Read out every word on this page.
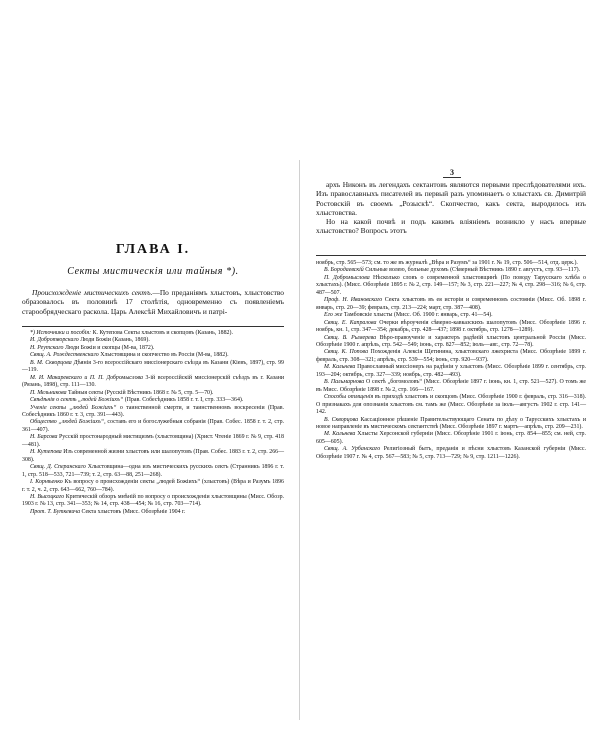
ГЛАВА I.
Секты мистическія или тайныя *).
Происхожденіе мистическихъ сектъ.—По преданіямъ хлыстовъ, хлыстовство образовалось въ половинѣ 17 столѣтія, одновременно съ появленіемъ старообрядческаго раскола. Царь Алексѣй Михайловичъ и патрі-

*) Источники и пособія: К. Кутепова Секты хлыстовъ и скопцовъ (Казань, 1882).

И. Добротворскаго Люди Божіи (Казань, 1869).

Н. Реутскаго Люди Божіи и скопцы (М-ва, 1872).

Свящ. А. Рождественскаго Хлыстовщина и скопчество въ Россіи (М-ва, 1882).

В. М. Скворцова Дѣянія 3-го всероссійскаго миссіонерскаго съѣзда въ Казани (Кіевъ, 1897), стр. 99—119.

М. И. Макаревскаго и П. П. Добромыслова 3-ій всероссійскій миссіонерскій съѣздъ въ г. Казани (Рязань, 1898), стр. 111—130.

П. Мельникова Тайныя секты (Русскій Вѣстникъ 1868 г. № 5, стр. 5—70).

Свѣдѣнія о сектѣ „людей Божіихъ“ (Прав. Собесѣдникъ 1858 г. т. I, стр. 333—364).

Ученіе секты „людей Божіихъ“ о таинственной смерти, и таинственномъ воскресеніи (Прав. Собесѣдникъ 1860 г. т. 3, стр. 391—443).

Общество „людей Божіихъ“, составъ его и богослужебныя собранія (Прав. Собес. 1858 г. т. 2, стр. 361—407).

Н. Барсова Русскій простонародный мистицизмъ (хлыстовщина) (Христ. Чтеніе 1869 г. № 9, стр. 418—481).

Н. Кутепова Изъ современной жизни хлыстовъ или шалопутовъ (Прав. Собес. 1883 г. т. 2, стр. 266—308).

Свящ. Д. Сперанскаго Хлыстовщина—одна изъ мистическихъ русскихъ сектъ (Странникъ 1896 г. т. 1, стр. 518—533, 721—739; т. 2, стр. 63—88, 251—268).

І. Корнѣенко Къ вопросу о происхожденіи секты „людей Божіихъ“ (хлыстовъ) (Вѣра и Разумъ 1896 г. т. 2, ч. 2, стр. 643—662, 760—784).

Н. Высоцкаго Критическій обзоръ мнѣній по вопросу о происхожденіи хлыстовщины (Мисс. Обозр. 1903 г. № 13, стр. 341—353; № 14, стр. 438—454; № 16, стр. 703—714).

Прот. Т. Буткевича Секта хлыстовъ (Мисс. Обозрѣніе 1904 г.

3

архъ Никонъ въ легендахъ сектантовъ являются первыми преслѣдователями ихъ. Изъ православныхъ писателей въ первый разъ упоминаетъ о хлыстахъ св. Димитрій Ростовскій въ своемъ „Розыскѣ“. Скопчество, какъ секта, выродилось изъ хлыстовства.

Но на какой почвѣ и подъ какимъ вліяніемъ возникло у насъ впервые хлыстовство? Вопросъ этотъ

ноябрь, стр. 565—573; см. то же въ журналѣ „Вѣра и Разумъ“ за 1901 г. № 19, стр. 506—514, отд. церк.).

В. Бородаевскій Сильные волею, больные духомъ (Сѣверный Вѣстникъ 1890 г. августъ, стр. 93—117).

П. Добромыслова Нѣсколько словъ о современной хлыстовщинѣ (По поводу Тарусскаго хлѣба о хлыстахъ). (Мисс. Обозрѣніе 1895 г. № 2, стр. 149—157; № 3, стр. 221—227; № 4, стр. 298—316; № 6, стр. 487—507.

Проф. Н. Ивановскаго Секта хлыстовъ въ ея исторіи и современномъ состояніи (Мисс. Об. 1898 г. январь, стр. 20—39; февраль, стр. 213—224; март, стр. 387—408).

Его же Тамбовскіе хлысты (Мисс. Об. 1900 г. январь, стр. 41—54).

Свящ. Е. Капралова Очерки вѣроученія сѣверно-кавказскихъ шалопутовъ (Мисс. Обозрѣніе 1896 г. ноябрь, кн. 1, стр. 347—354; декабрь, стр. 428—437; 1898 г. октябрь, стр. 1278—1289).

Свящ. В. Рымерева Вѣро-правоученіе и характеръ радѣній хлыстовъ центральной Россіи (Мисс. Обозрѣніе 1900 г. апрѣль, стр. 542—549; іюнь, стр. 827—852; іюль—авг., стр. 72—78).

Свящ. К. Попова Похожденія Алексія Щетинина, хлыстовскаго лжехриста (Мисс. Обозрѣніе 1899 г. февраль, стр. 308—321; апрѣль, стр. 539—554; іюнь, стр. 920—937).

М. Кальнева Православный миссіонеръ на радѣніи у хлыстовъ (Мисс. Обозрѣніе 1899 г. сентябрь, стр. 193—204; октябрь, стр. 327—339; ноябрь, стр. 482—493).

В. Пальмарнова О сектѣ „богомоловъ“ (Мисс. Обозрѣніе 1897 г. іюнь, кн. 1, стр. 521—527). О томъ же въ Мисс. Обозрѣніе 1898 г. № 2, стр. 166—167.

Способы отмщенія въ приходѣ хлыстовъ и скопцовъ (Мисс. Обозрѣніе 1900 г. февраль, стр. 316—318). О признакахъ для опознанія хлыстовъ см. тамъ же (Мисс. Обозрѣніе за іюль—августъ 1902 г. стр. 141—142.

В. Скворцова Кассаціонное рѣшеніе Правительствующаго Сената по дѣлу о Тарусскихъ хлыстахъ и новое направленіе въ мистическомъ сектантствѣ (Мисс. Обозрѣніе 1897 г. мартъ—апрѣль, стр. 209—231).

М. Кальнева Хлысты Херсонской губерніи (Мисс. Обозрѣніе 1901 г. іюнь, стр. 854—855; см. ней, стр. 605—605).

Свящ. А. Урбанскаго Религіозный бытъ, преданія и пѣсни хлыстовъ Казанской губерніи (Мисс. Обозрѣніе 1907 г. № 4, стр. 567—583; № 5, стр. 713—729; № 9, стр. 1211—1226).
